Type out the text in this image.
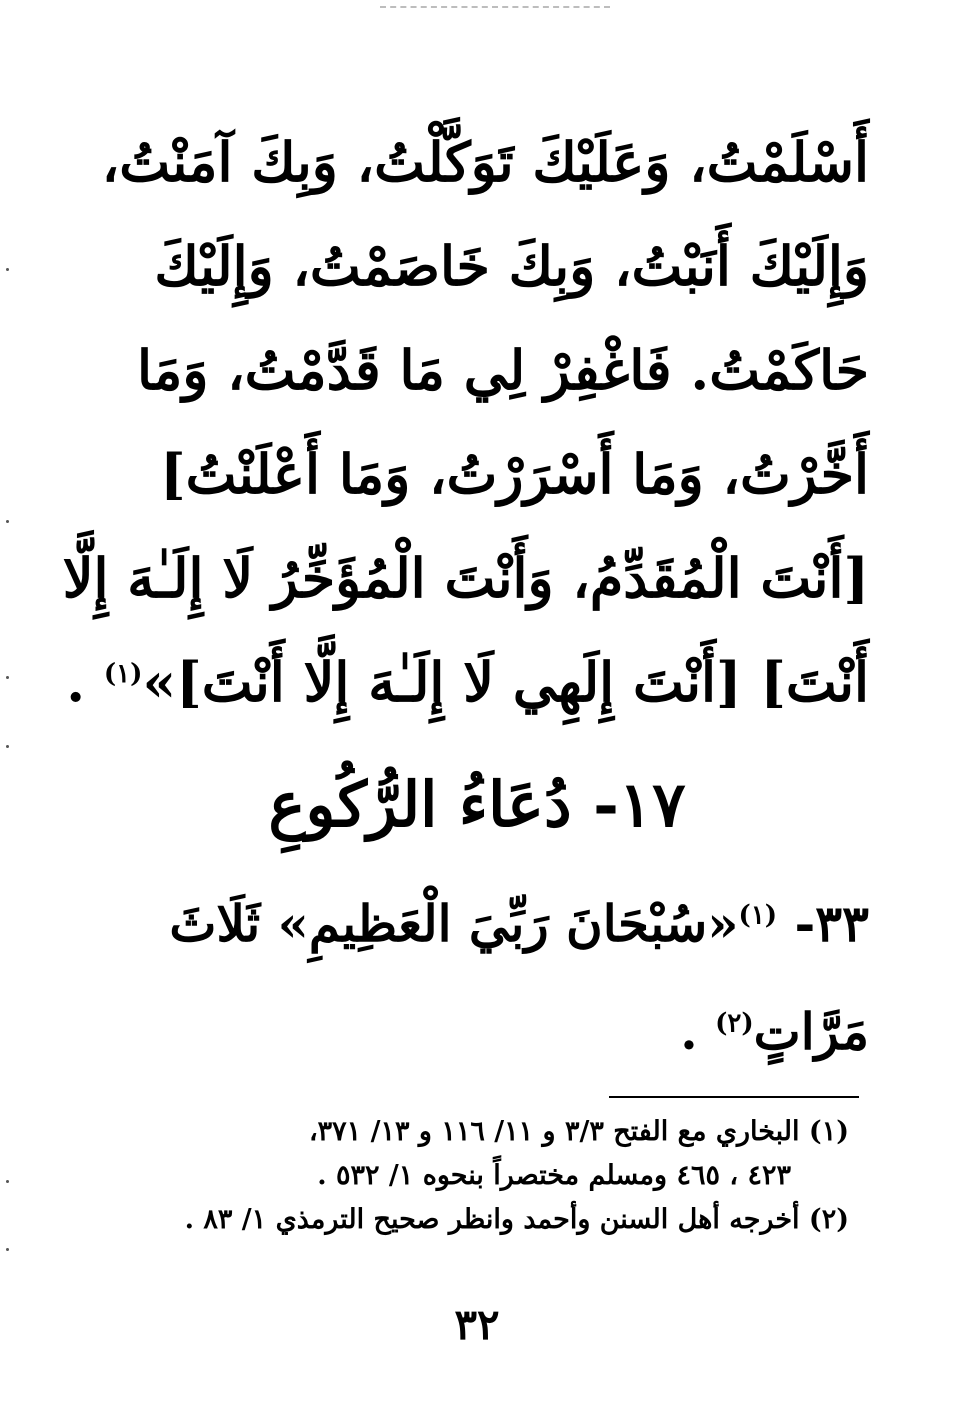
أَسْلَمْتُ، وَعَلَيْكَ تَوَكَّلْتُ، وَبِكَ آمَنْتُ،
وَإِلَيْكَ أَنَبْتُ، وَبِكَ خَاصَمْتُ، وَإِلَيْكَ
حَاكَمْتُ. فَاغْفِرْ لِي مَا قَدَّمْتُ، وَمَا
أَخَّرْتُ، وَمَا أَسْرَرْتُ، وَمَا أَعْلَنْتُ]
[أَنْتَ الْمُقَدِّمُ، وَأَنْتَ الْمُؤَخِّرُ لَا إِلَـٰهَ إِلَّا
أَنْتَ] [أَنْتَ إِلَهِي لَا إِلَـٰهَ إِلَّا أَنْتَ]»$^{(١)}$ .
١٧- دُعَاءُ الرُّكُوعِ
٣٣- $^{(١)}$«سُبْحَانَ رَبِّيَ الْعَظِيمِ» ثَلَاثَ
مَرَّاتٍ$^{(٢)}$ .
(١) البخاري مع الفتح ٣/٣ و ١١/ ١١٦ و ١٣/ ٣٧١،
٤٢٣ ، ٤٦٥ ومسلم مختصراً بنحوه ١/ ٥٣٢ .
(٢) أخرجه أهل السنن وأحمد وانظر صحيح الترمذي ١/ ٨٣ .
٣٢
